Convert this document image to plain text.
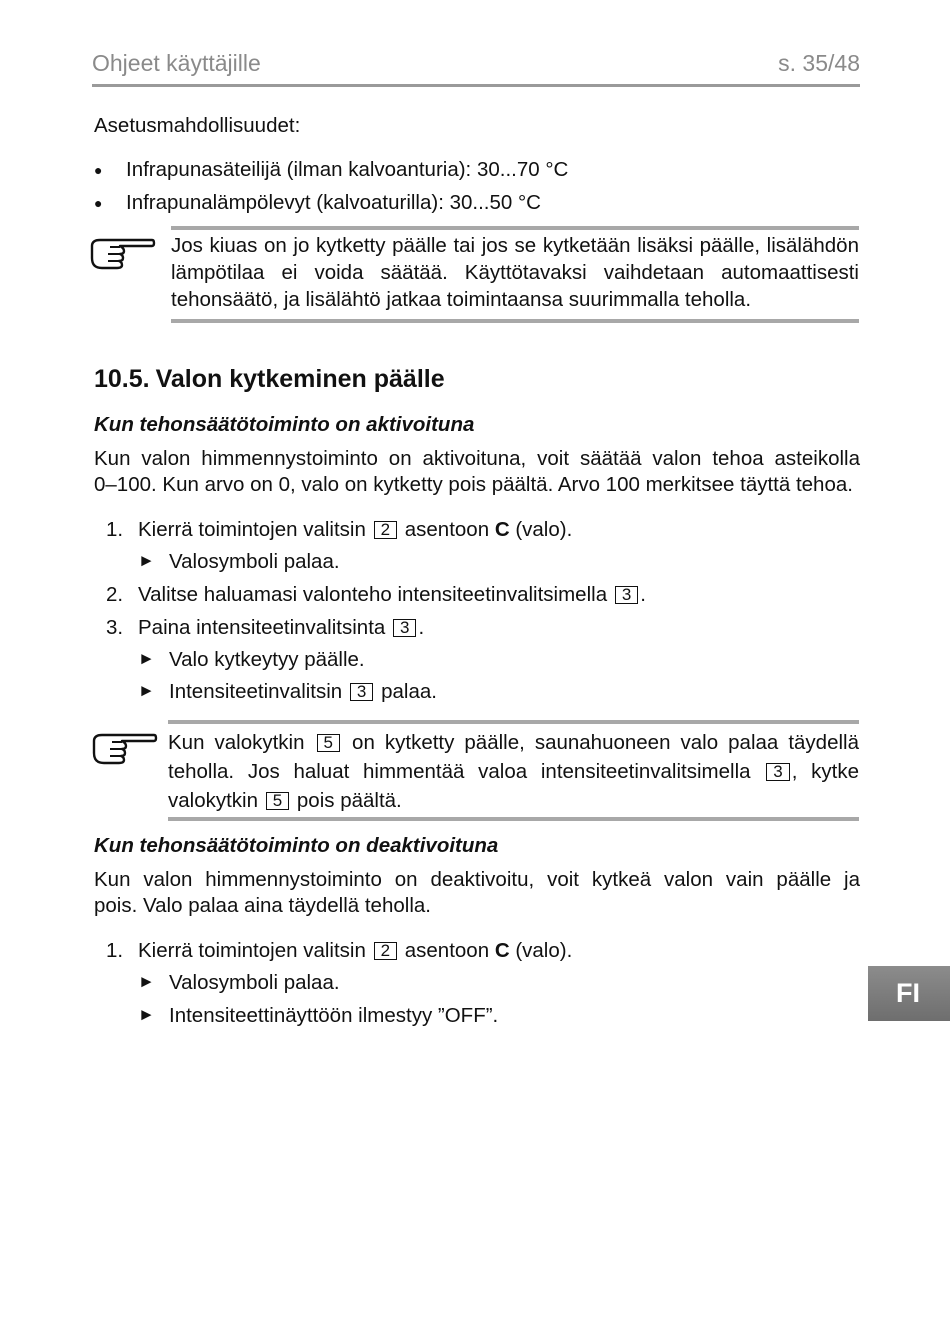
Ohjeet käyttäjille	s. 35/48
Asetusmahdollisuudet:
● Infrapunasäteilijä (ilman kalvoanturia): 30...70 °C
● Infrapunalämpölevyt (kalvoaturilla): 30...50 °C
Jos kiuas on jo kytketty päälle tai jos se kytketään lisäksi päälle, lisälähdön
lämpötilaa ei voida säätää. Käyttötavaksi vaihdetaan automaattisesti
tehonsäätö, ja lisälähtö jatkaa toimintaansa suurimmalla teholla.
10.5. Valon kytkeminen päälle
Kun tehonsäätötoiminto on aktivoituna
Kun valon himmennystoiminto on aktivoituna, voit säätää valon tehoa asteikolla
0–100. Kun arvo on 0, valo on kytketty pois päältä. Arvo 100 merkitsee täyttä tehoa.
1. Kierrä toimintojen valitsin 2 asentoon C (valo).
► Valosymboli palaa.
2. Valitse haluamasi valonteho intensiteetinvalitsimella 3 .
3. Paina intensiteetinvalitsinta 3 .
► Valo kytkeytyy päälle.
► Intensiteetinvalitsin 3 palaa.
Kun valokytkin 5 on kytketty päälle, saunahuoneen valo palaa täydellä
teholla. Jos haluat himmentää valoa intensiteetinvalitsimella 3 , kytke
valokytkin 5 pois päältä.
Kun tehonsäätötoiminto on deaktivoituna
Kun valon himmennystoiminto on deaktivoitu, voit kytkeä valon vain päälle ja
pois. Valo palaa aina täydellä teholla.
1. Kierrä toimintojen valitsin 2 asentoon C (valo).
► Valosymboli palaa.
► Intensiteettinäyttöön ilmestyy ”OFF”.
FI
